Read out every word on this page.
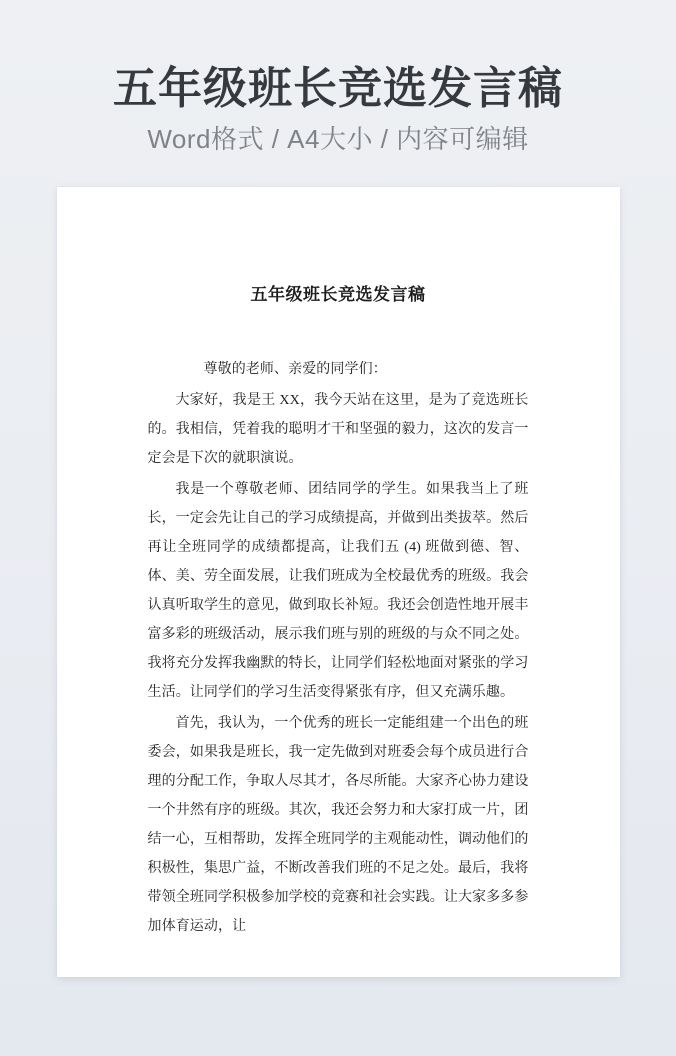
五年级班长竞选发言稿
Word格式 / A4大小 / 内容可编辑
五年级班长竞选发言稿

尊敬的老师、亲爱的同学们：

大家好，我是王 XX，我今天站在这里，是为了竞选班长的。我相信，凭着我的聪明才干和坚强的毅力，这次的发言一定会是下次的就职演说。

我是一个尊敬老师、团结同学的学生。如果我当上了班长，一定会先让自己的学习成绩提高，并做到出类拔萃。然后再让全班同学的成绩都提高，让我们五 (4) 班做到德、智、体、美、劳全面发展，让我们班成为全校最优秀的班级。我会认真听取学生的意见，做到取长补短。我还会创造性地开展丰富多彩的班级活动，展示我们班与别的班级的与众不同之处。我将充分发挥我幽默的特长，让同学们轻松地面对紧张的学习生活。让同学们的学习生活变得紧张有序，但又充满乐趣。

首先，我认为，一个优秀的班长一定能组建一个出色的班委会，如果我是班长，我一定先做到对班委会每个成员进行合理的分配工作，争取人尽其才，各尽所能。大家齐心协力建设一个井然有序的班级。其次，我还会努力和大家打成一片，团结一心，互相帮助，发挥全班同学的主观能动性，调动他们的积极性，集思广益，不断改善我们班的不足之处。最后，我将带领全班同学积极参加学校的竞赛和社会实践。让大家多多参加体育运动，让
